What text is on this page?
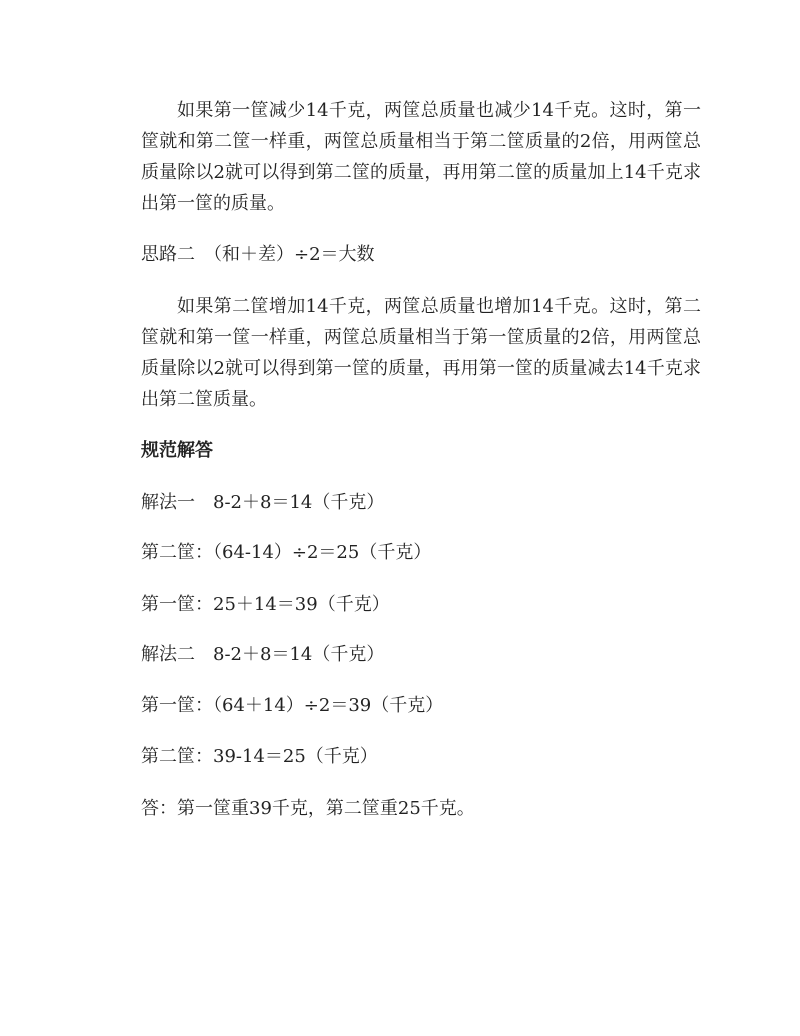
如果第一筐减少14千克，两筐总质量也减少14千克。这时，第一筐就和第二筐一样重，两筐总质量相当于第二筐质量的2倍，用两筐总质量除以2就可以得到第二筐的质量，再用第二筐的质量加上14千克求出第一筐的质量。

思路二　（和＋差）÷2＝大数

如果第二筐增加14千克，两筐总质量也增加14千克。这时，第二筐就和第一筐一样重，两筐总质量相当于第一筐质量的2倍，用两筐总质量除以2就可以得到第一筐的质量，再用第一筐的质量减去14千克求出第二筐质量。

规范解答

解法一　8-2＋8＝14（千克）

第二筐：（64-14）÷2＝25（千克）

第一筐：25＋14＝39（千克）

解法二　8-2＋8＝14（千克）

第一筐：（64＋14）÷2＝39（千克）

第二筐：39-14＝25（千克）

答：第一筐重39千克，第二筐重25千克。
